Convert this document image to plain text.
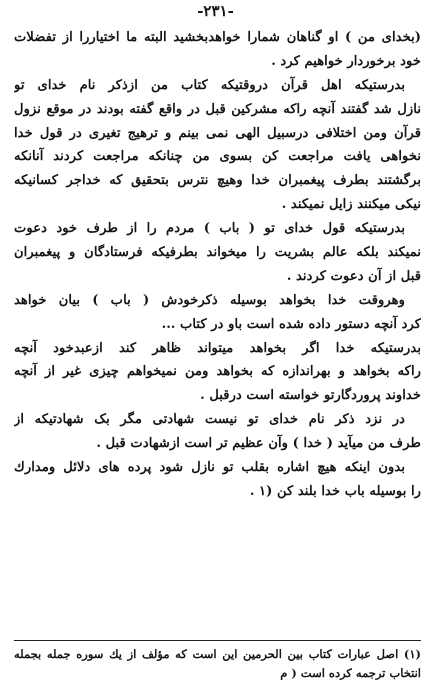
-۲۳۱-
(بخدای من ) او گناهان شمارا خواهدبخشید البته ما اختیاررا از تفضلات
خود برخوردار خواهیم کرد .
بدرستیکه اهل قرآن دروقتیکه کتاب من ازذکر نام خدای تو
نازل شد گفتند آنچه راکه مشرکین قبل در واقع گفته بودند در موقع نزول
قرآن ومن اختلافی درسبیل الهی نمی بینم و ترهیج تغیری در قول خدا
نخواهی یافت مراجعت کن بسوی من چنانکه مراجعت کردند آنانکه
برگشتند بطرف پیغمبران خدا وهیچ نترس بتحقیق که خداجر کسانیکه
نیکی میکنند زایل نمیکند .
بدرستیکه قول خدای تو ( باب ) مردم را از طرف خود دعوت
نمیکند بلکه عالم بشریت را میخواند بطرفیکه فرستادگان و پیغمبران
قبل از آن دعوت کردند .
وهروقت خدا بخواهد بوسیله ذکرخودش ( باب ) بیان خواهد
کرد آنچه دستور داده شده است باو در کتاب ...
بدرستیکه خدا اگر بخواهد میتواند ظاهر کند ازعبدخود آنچه
راکه بخواهد و بهراندازه که بخواهد ومن نمیخواهم چیزی غیر از آنچه
خداوند پروردگارتو خواسته است درقبل .
در نزد ذکر نام خدای تو نیست شهادتی مگر بک شهادتیکه از
طرف من میآید ( خدا ) وآن عظیم تر است ازشهادت قبل .
بدون اینکه هیچ اشاره بقلب تو نازل شود پرده های دلائل ومدارك
را بوسیله باب خدا بلند کن (۱ .
(۱) اصل عبارات کتاب بین الحرمین این است که مؤلف از یك سوره جمله بجمله
انتخاب ترجمه کرده است ( م
